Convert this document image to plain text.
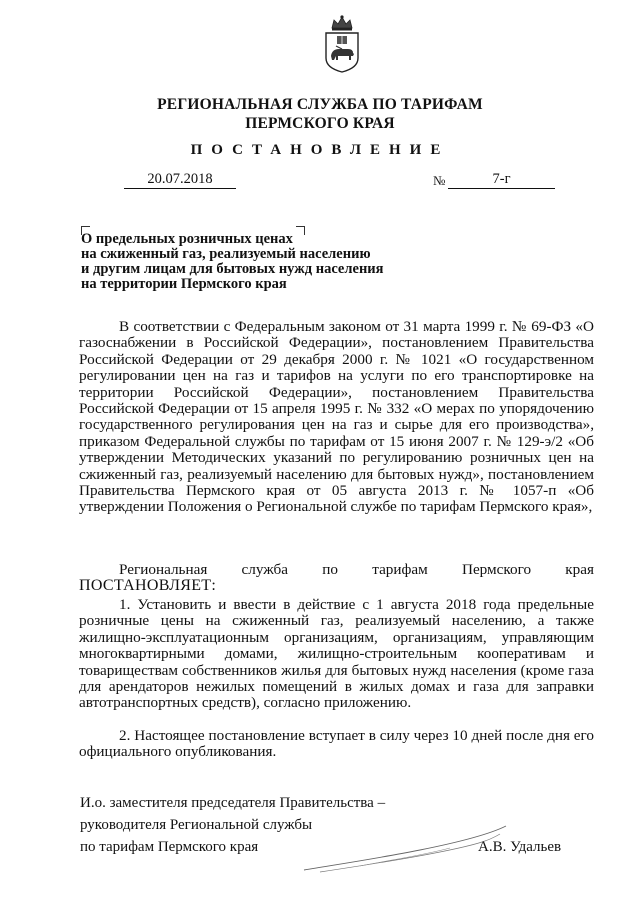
РЕГИОНАЛЬНАЯ СЛУЖБА ПО ТАРИФАМ
ПЕРМСКОГО КРАЯ
ПОСТАНОВЛЕНИЕ
20.07.2018	№	7-г
О предельных розничных ценах
на сжиженный газ, реализуемый населению
и другим лицам для бытовых нужд населения
на территории Пермского края
В соответствии с Федеральным законом от 31 марта 1999 г. № 69-ФЗ «О газоснабжении в Российской Федерации», постановлением Правительства Российской Федерации от 29 декабря 2000 г. № 1021 «О государственном регулировании цен на газ и тарифов на услуги по его транспортировке на территории Российской Федерации», постановлением Правительства Российской Федерации от 15 апреля 1995 г. № 332 «О мерах по упорядочению государственного регулирования цен на газ и сырье для его производства», приказом Федеральной службы по тарифам от 15 июня 2007 г. № 129-э/2 «Об утверждении Методических указаний по регулированию розничных цен на сжиженный газ, реализуемый населению для бытовых нужд», постановлением Правительства Пермского края от 05 августа 2013 г. № 1057-п «Об утверждении Положения о Региональной службе по тарифам Пермского края»,
Региональная служба по тарифам Пермского края
ПОСТАНОВЛЯЕТ:
1. Установить и ввести в действие с 1 августа 2018 года предельные розничные цены на сжиженный газ, реализуемый населению, а также жилищно-эксплуатационным организациям, организациям, управляющим многоквартирными домами, жилищно-строительным кооперативам и товариществам собственников жилья для бытовых нужд населения (кроме газа для арендаторов нежилых помещений в жилых домах и газа для заправки автотранспортных средств), согласно приложению.
2. Настоящее постановление вступает в силу через 10 дней после дня его официального опубликования.
И.о. заместителя председателя Правительства –
руководителя Региональной службы
по тарифам Пермского края	А.В. Удальев
